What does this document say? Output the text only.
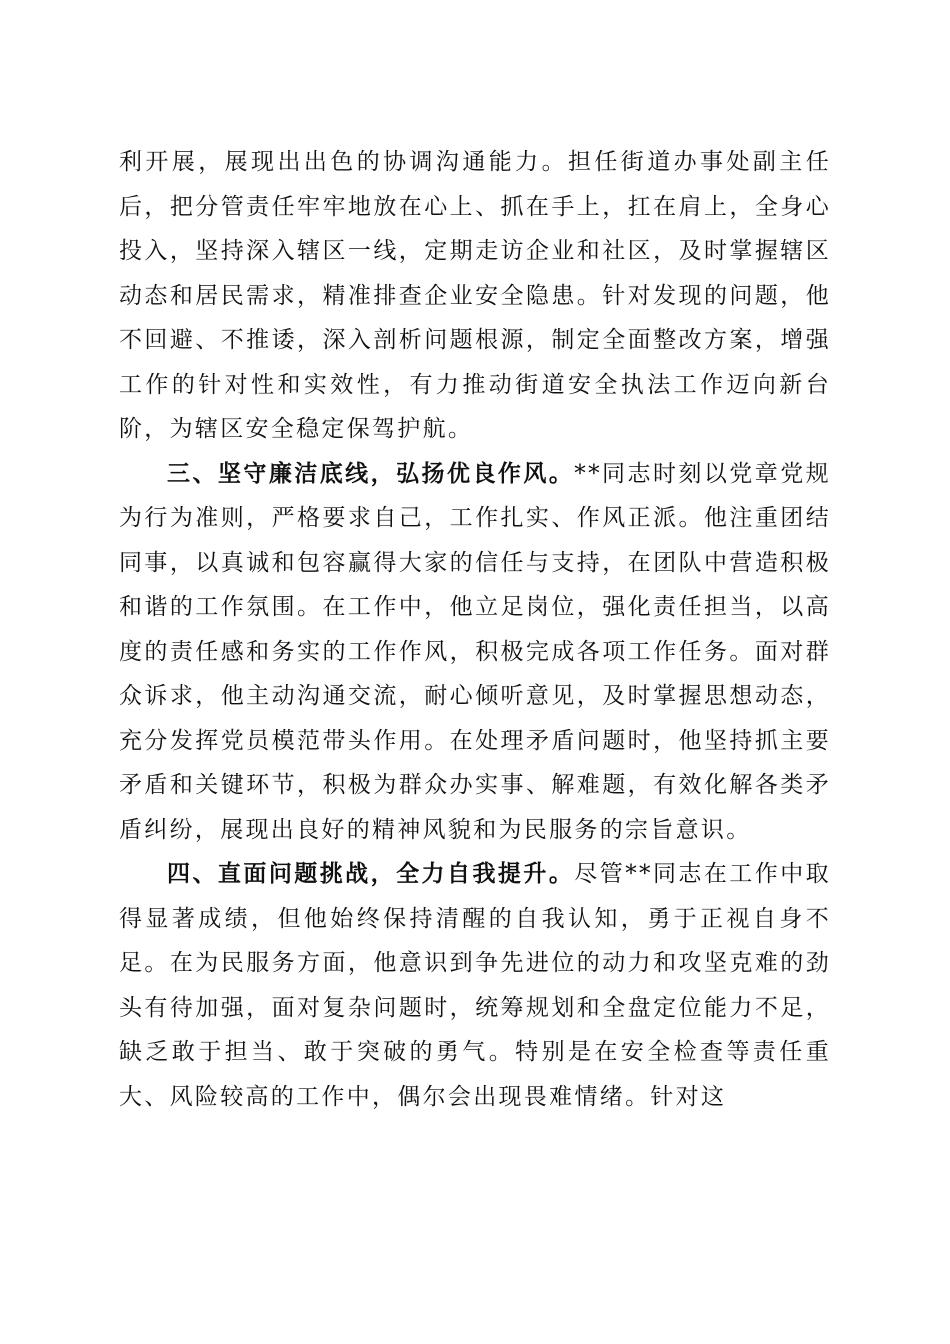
利开展，展现出出色的协调沟通能力。担任街道办事处副主任后，把分管责任牢牢地放在心上、抓在手上，扛在肩上，全身心投入，坚持深入辖区一线，定期走访企业和社区，及时掌握辖区动态和居民需求，精准排查企业安全隐患。针对发现的问题，他不回避、不推诿，深入剖析问题根源，制定全面整改方案，增强工作的针对性和实效性，有力推动街道安全执法工作迈向新台阶，为辖区安全稳定保驾护航。

三、坚守廉洁底线，弘扬优良作风。**同志时刻以党章党规为行为准则，严格要求自己，工作扎实、作风正派。他注重团结同事，以真诚和包容赢得大家的信任与支持，在团队中营造积极和谐的工作氛围。在工作中，他立足岗位，强化责任担当，以高度的责任感和务实的工作作风，积极完成各项工作任务。面对群众诉求，他主动沟通交流，耐心倾听意见，及时掌握思想动态，充分发挥党员模范带头作用。在处理矛盾问题时，他坚持抓主要矛盾和关键环节，积极为群众办实事、解难题，有效化解各类矛盾纠纷，展现出良好的精神风貌和为民服务的宗旨意识。

四、直面问题挑战，全力自我提升。尽管**同志在工作中取得显著成绩，但他始终保持清醒的自我认知，勇于正视自身不足。在为民服务方面，他意识到争先进位的动力和攻坚克难的劲头有待加强，面对复杂问题时，统筹规划和全盘定位能力不足，缺乏敢于担当、敢于突破的勇气。特别是在安全检查等责任重大、风险较高的工作中，偶尔会出现畏难情绪。针对这
